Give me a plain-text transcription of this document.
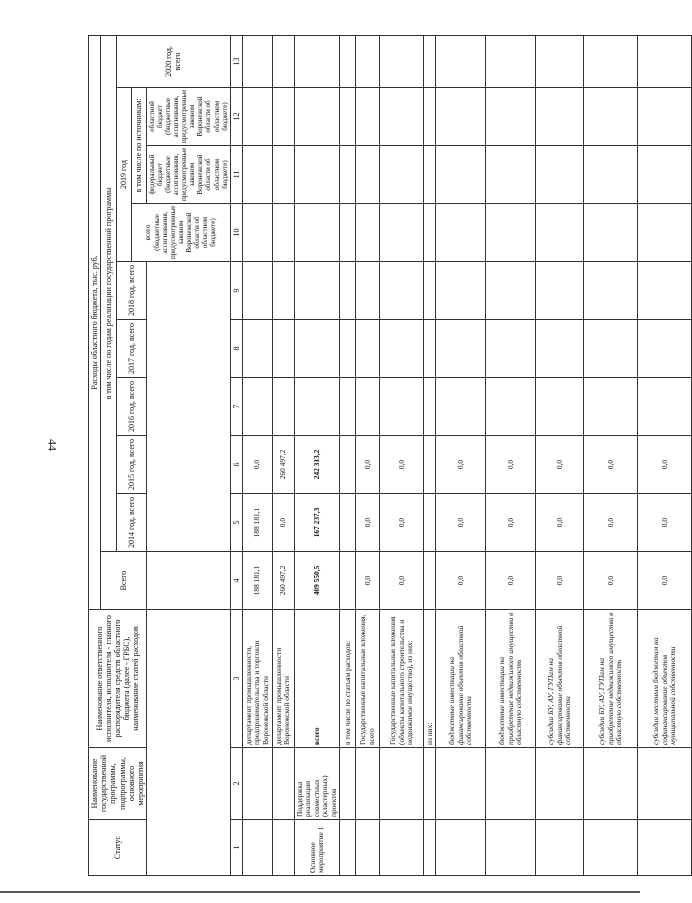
44
Статус	Наименование государственной программы, подпрограммы, основного мероприятия	Наименование ответственного исполнителя, исполнителя - главного распорядителя средств областного бюджета (далее - ГРБС), наименование статей расходов	Расходы областного бюджета, тыс. руб.									
			Всего	в том числе по годам реализации государственной программы								
				2014 год, всего	2015 год, всего	2016 год, всего	2017 год, всего	2018 год, всего	2019 год			2020 год, всего
									всего (бюджетные ассигнования, предусмотренные законом Воронежской области об областном бюджете)	в том числе по источникам:		
										федеральный бюджет (бюджетные ассигнования, предусмотренные законом Воронежской области об областном бюджете)	областной бюджет (бюджетные ассигнования, предусмотренные законом Воронежской области об областном бюджете)	
1	2	3	4	5	6	7	8	9	10	11	12	13
		департамент промышленности, предпринимательства и торговли Воронежской области	188 181,1	188 181,1	0,0							
		департамент промышленности Воронежской области	260 497,2	0,0	260 497,2							
Основное мероприятие 1	Поддержка реализации совместных (кластерных) проектов	всего	409 550,5	167 237,3	242 313,2							
		в том числе по статьям расходов:										
		Государственные капитальные вложения, всего	0,0	0,0	0,0							
		Государственные капитальные вложения (объекты капитального строительства и недвижимое имущество), из них:	0,0	0,0	0,0							
		из них:										
		бюджетные инвестиции на финансирование объектов областной собственности	0,0	0,0	0,0							
		бюджетные инвестиции на приобретение недвижимого имущества в областную собственность	0,0	0,0	0,0							
		субсидии БУ, АУ, ГУПам на финансирование объектов областной собственности	0,0	0,0	0,0							
		субсидии БУ, АУ, ГУПам на приобретение недвижимого имущества в областную собственность	0,0	0,0	0,0							
		субсидии местным бюджетам на софинансирование объектов муниципальной собственности	0,0	0,0	0,0							
